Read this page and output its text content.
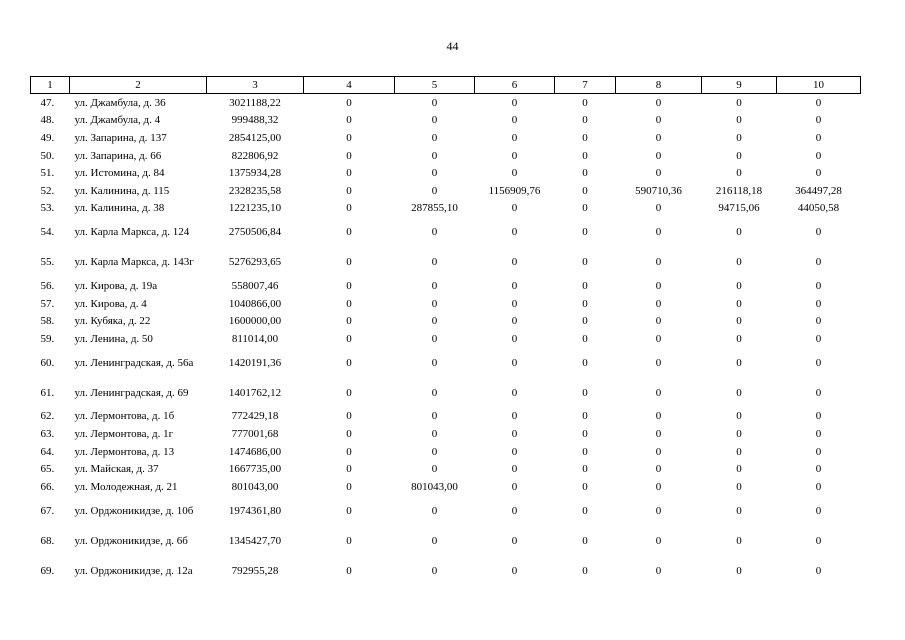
44
1	2	3	4	5	6	7	8	9	10
47.	ул. Джамбула, д. 36	3021188,22	0	0	0	0	0	0	0
48.	ул. Джамбула, д. 4	999488,32	0	0	0	0	0	0	0
49.	ул. Запарина, д. 137	2854125,00	0	0	0	0	0	0	0
50.	ул. Запарина, д. 66	822806,92	0	0	0	0	0	0	0
51.	ул. Истомина, д. 84	1375934,28	0	0	0	0	0	0	0
52.	ул. Калинина, д. 115	2328235,58	0	0	1156909,76	0	590710,36	216118,18	364497,28
53.	ул. Калинина, д. 38	1221235,10	0	287855,10	0	0	0	94715,06	44050,58
54.	ул. Карла Маркса, д. 124	2750506,84	0	0	0	0	0	0	0
55.	ул. Карла Маркса, д. 143г	5276293,65	0	0	0	0	0	0	0
56.	ул. Кирова, д. 19а	558007,46	0	0	0	0	0	0	0
57.	ул. Кирова, д. 4	1040866,00	0	0	0	0	0	0	0
58.	ул. Кубяка, д. 22	1600000,00	0	0	0	0	0	0	0
59.	ул. Ленина, д. 50	811014,00	0	0	0	0	0	0	0
60.	ул. Ленинградская, д. 56а	1420191,36	0	0	0	0	0	0	0
61.	ул. Ленинградская, д. 69	1401762,12	0	0	0	0	0	0	0
62.	ул. Лермонтова, д. 1б	772429,18	0	0	0	0	0	0	0
63.	ул. Лермонтова, д. 1г	777001,68	0	0	0	0	0	0	0
64.	ул. Лермонтова, д. 13	1474686,00	0	0	0	0	0	0	0
65.	ул. Майская, д. 37	1667735,00	0	0	0	0	0	0	0
66.	ул. Молодежная, д. 21	801043,00	0	801043,00	0	0	0	0	0
67.	ул. Орджоникидзе, д. 10б	1974361,80	0	0	0	0	0	0	0
68.	ул. Орджоникидзе, д. 6б	1345427,70	0	0	0	0	0	0	0
69.	ул. Орджоникидзе, д. 12а	792955,28	0	0	0	0	0	0	0
